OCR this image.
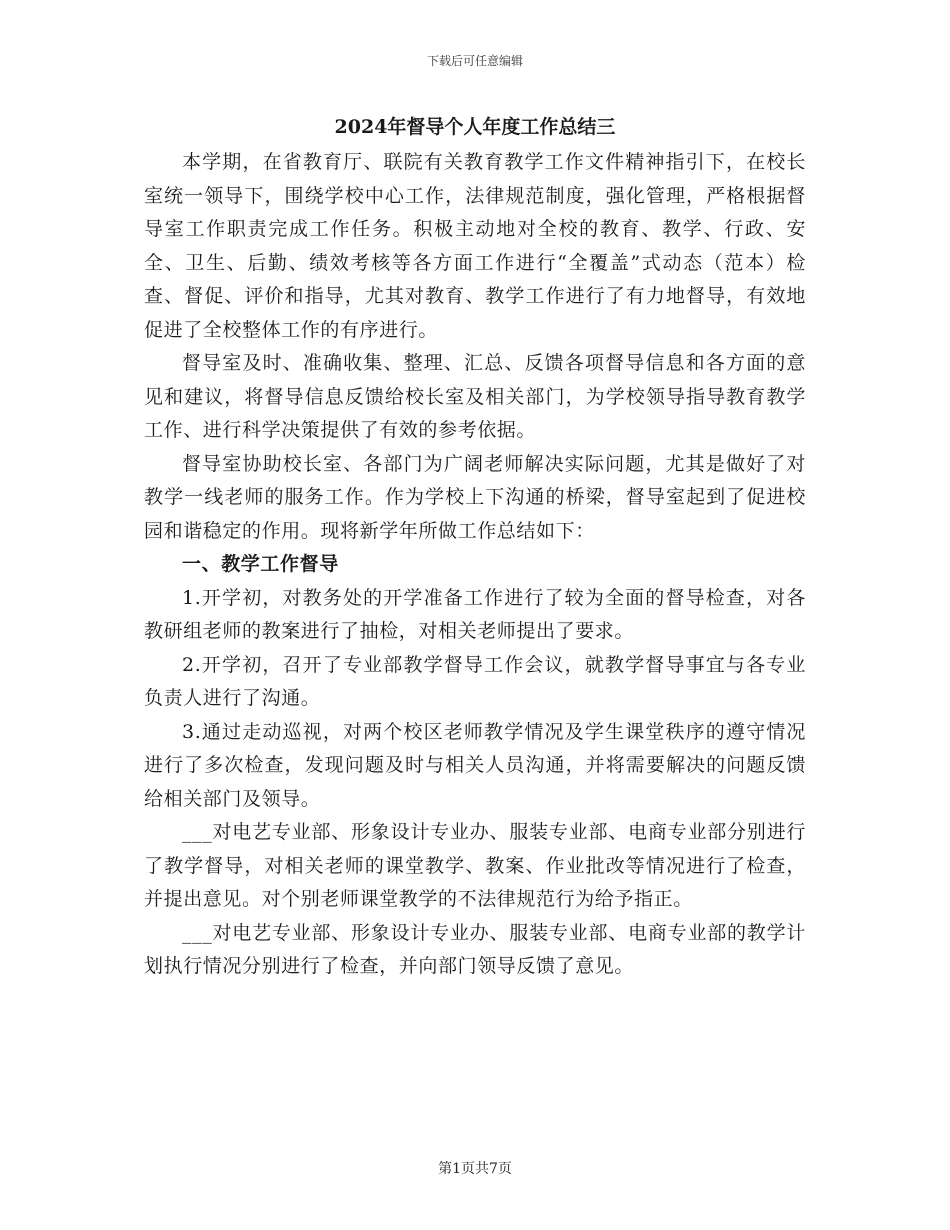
下载后可任意编辑
2024年督导个人年度工作总结三

本学期，在省教育厅、联院有关教育教学工作文件精神指引下，在校长室统一领导下，围绕学校中心工作，法律规范制度，强化管理，严格根据督导室工作职责完成工作任务。积极主动地对全校的教育、教学、行政、安全、卫生、后勤、绩效考核等各方面工作进行“全覆盖”式动态（范本）检查、督促、评价和指导，尤其对教育、教学工作进行了有力地督导，有效地促进了全校整体工作的有序进行。

督导室及时、准确收集、整理、汇总、反馈各项督导信息和各方面的意见和建议，将督导信息反馈给校长室及相关部门，为学校领导指导教育教学工作、进行科学决策提供了有效的参考依据。

督导室协助校长室、各部门为广阔老师解决实际问题，尤其是做好了对教学一线老师的服务工作。作为学校上下沟通的桥梁，督导室起到了促进校园和谐稳定的作用。现将新学年所做工作总结如下：

一、教学工作督导

1.开学初，对教务处的开学准备工作进行了较为全面的督导检查，对各教研组老师的教案进行了抽检，对相关老师提出了要求。

2.开学初，召开了专业部教学督导工作会议，就教学督导事宜与各专业负责人进行了沟通。

3.通过走动巡视，对两个校区老师教学情况及学生课堂秩序的遵守情况进行了多次检查，发现问题及时与相关人员沟通，并将需要解决的问题反馈给相关部门及领导。

___对电艺专业部、形象设计专业办、服装专业部、电商专业部分别进行了教学督导，对相关老师的课堂教学、教案、作业批改等情况进行了检查，并提出意见。对个别老师课堂教学的不法律规范行为给予指正。

___对电艺专业部、形象设计专业办、服装专业部、电商专业部的教学计划执行情况分别进行了检查，并向部门领导反馈了意见。

第1页共7页
